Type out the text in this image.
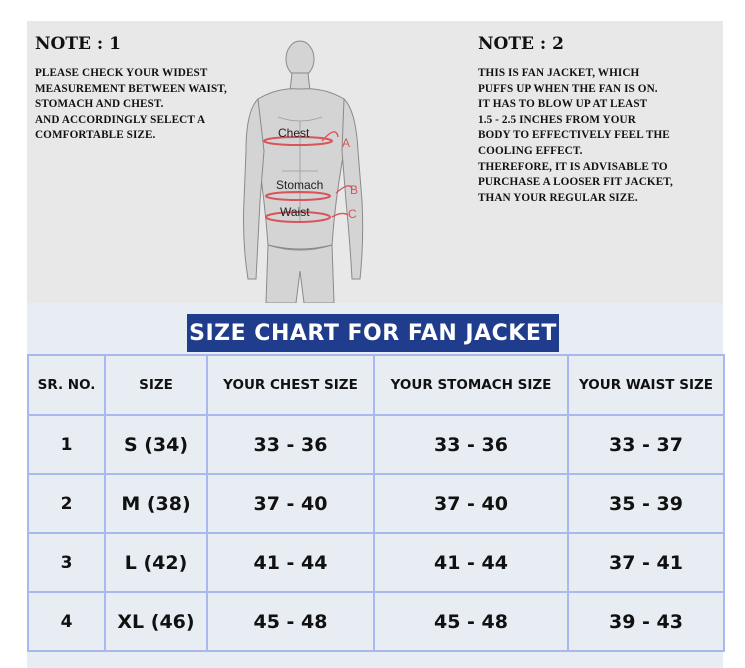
NOTE : 1
PLEASE CHECK YOUR WIDEST
MEASUREMENT BETWEEN WAIST,
STOMACH AND CHEST.
AND ACCORDINGLY SELECT A
COMFORTABLE SIZE.
NOTE : 2
THIS IS FAN JACKET, WHICH
PUFFS UP WHEN THE FAN IS ON.
IT HAS TO BLOW UP AT LEAST
1.5 - 2.5 INCHES FROM YOUR
BODY TO EFFECTIVELY FEEL THE
COOLING EFFECT.
THEREFORE, IT IS ADVISABLE TO
PURCHASE A LOOSER FIT JACKET,
THAN YOUR REGULAR SIZE.
Chest
A
Stomach B
Waist	C
SIZE CHART FOR FAN JACKET
SR. NO.	SIZE	YOUR CHEST SIZE	YOUR STOMACH SIZE	YOUR WAIST SIZE
1	S (34)	33 - 36	33 - 36	33 - 37
2	M (38)	37 - 40	37 - 40	35 - 39
3	L (42)	41 - 44	41 - 44	37 - 41
4	XL (46)	45 - 48	45 - 48	39 - 43
